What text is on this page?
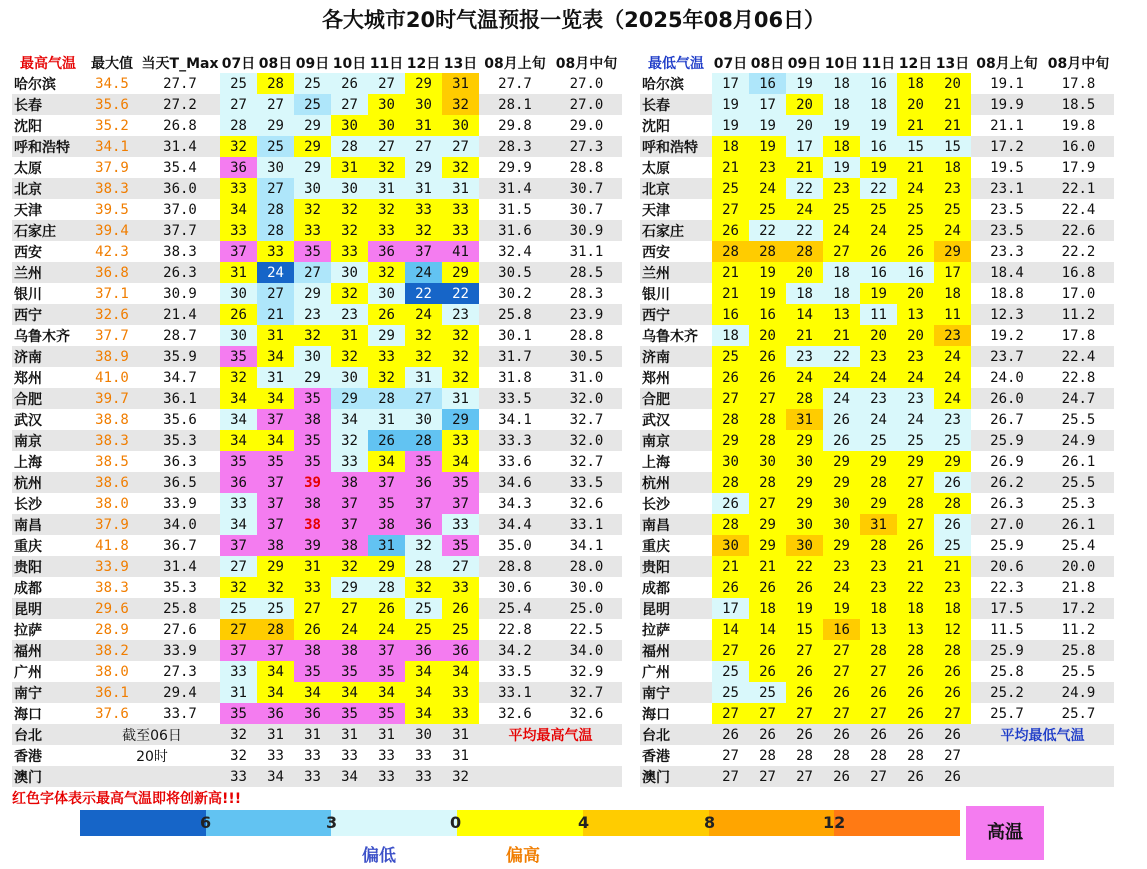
各大城市20时气温预报一览表（2025年08月06日）
最高气温	最大值	当天T_Max	07日	08日	09日	10日	11日	12日	13日	08月上旬	08月中旬
哈尔滨	34.5	27.7	25	28	25	26	27	29	31	27.7	27.0
长春	35.6	27.2	27	27	25	27	30	30	32	28.1	27.0
沈阳	35.2	26.8	28	29	29	30	30	31	30	29.8	29.0
呼和浩特	34.1	31.4	32	25	29	28	27	27	27	28.3	27.3
太原	37.9	35.4	36	30	29	31	32	29	32	29.9	28.8
北京	38.3	36.0	33	27	30	30	31	31	31	31.4	30.7
天津	39.5	37.0	34	28	32	32	32	33	33	31.5	30.7
石家庄	39.4	37.7	33	28	33	32	33	32	33	31.6	30.9
西安	42.3	38.3	37	33	35	33	36	37	41	32.4	31.1
兰州	36.8	26.3	31	24	27	30	32	24	29	30.5	28.5
银川	37.1	30.9	30	27	29	32	30	22	22	30.2	28.3
西宁	32.6	21.4	26	21	23	23	26	24	23	25.8	23.9
乌鲁木齐	37.7	28.7	30	31	32	31	29	32	32	30.1	28.8
济南	38.9	35.9	35	34	30	32	33	32	32	31.7	30.5
郑州	41.0	34.7	32	31	29	30	32	31	32	31.8	31.0
合肥	39.7	36.1	34	34	35	29	28	27	31	33.5	32.0
武汉	38.8	35.6	34	37	38	34	31	30	29	34.1	32.7
南京	38.3	35.3	34	34	35	32	26	28	33	33.3	32.0
上海	38.5	36.3	35	35	35	33	34	35	34	33.6	32.7
杭州	38.6	36.5	36	37	39	38	37	36	35	34.6	33.5
长沙	38.0	33.9	33	37	38	37	35	37	37	34.3	32.6
南昌	37.9	34.0	34	37	38	37	38	36	33	34.4	33.1
重庆	41.8	36.7	37	38	39	38	31	32	35	35.0	34.1
贵阳	33.9	31.4	27	29	31	32	29	28	27	28.8	28.0
成都	38.3	35.3	32	32	33	29	28	32	33	30.6	30.0
昆明	29.6	25.8	25	25	27	27	26	25	26	25.4	25.0
拉萨	28.9	27.6	27	28	26	24	24	25	25	22.8	22.5
福州	38.2	33.9	37	37	38	38	37	36	36	34.2	34.0
广州	38.0	27.3	33	34	35	35	35	34	34	33.5	32.9
南宁	36.1	29.4	31	34	34	34	34	34	33	33.1	32.7
海口	37.6	33.7	35	36	36	35	35	34	33	32.6	32.6
台北	截至06日		32	31	31	31	31	30	31	平均最高气温	
香港	20时		32	33	33	33	33	33	31		
澳门			33	34	33	34	33	33	32		
最低气温	07日	08日	09日	10日	11日	12日	13日	08月上旬	08月中旬
哈尔滨	17	16	19	18	16	18	20	19.1	17.8
长春	19	17	20	18	18	20	21	19.9	18.5
沈阳	19	19	20	19	19	21	21	21.1	19.8
呼和浩特	18	19	17	18	16	15	15	17.2	16.0
太原	21	23	21	19	19	21	18	19.5	17.9
北京	25	24	22	23	22	24	23	23.1	22.1
天津	27	25	24	25	25	25	25	23.5	22.4
石家庄	26	22	22	24	24	25	24	23.5	22.6
西安	28	28	28	27	26	26	29	23.3	22.2
兰州	21	19	20	18	16	16	17	18.4	16.8
银川	21	19	18	18	19	20	18	18.8	17.0
西宁	16	16	14	13	11	13	11	12.3	11.2
乌鲁木齐	18	20	21	21	20	20	23	19.2	17.8
济南	25	26	23	22	23	23	24	23.7	22.4
郑州	26	26	24	24	24	24	24	24.0	22.8
合肥	27	27	28	24	23	23	24	26.0	24.7
武汉	28	28	31	26	24	24	23	26.7	25.5
南京	29	28	29	26	25	25	25	25.9	24.9
上海	30	30	30	29	29	29	29	26.9	26.1
杭州	28	28	29	29	28	27	26	26.2	25.5
长沙	26	27	29	30	29	28	28	26.3	25.3
南昌	28	29	30	30	31	27	26	27.0	26.1
重庆	30	29	30	29	28	26	25	25.9	25.4
贵阳	21	21	22	23	23	21	21	20.6	20.0
成都	26	26	26	24	23	22	23	22.3	21.8
昆明	17	18	19	19	18	18	18	17.5	17.2
拉萨	14	14	15	16	13	13	12	11.5	11.2
福州	27	26	27	27	28	28	28	25.9	25.8
广州	25	26	26	27	27	26	26	25.8	25.5
南宁	25	25	26	26	26	26	26	25.2	24.9
海口	27	27	27	27	27	26	27	25.7	25.7
台北	26	26	26	26	26	26	26	平均最低气温	
香港	27	28	28	28	28	28	27		
澳门	27	27	27	26	27	26	26		
红色字体表示最高气温即将创新高!!!
6	3	0	4	8	12	高温
偏低	偏高
